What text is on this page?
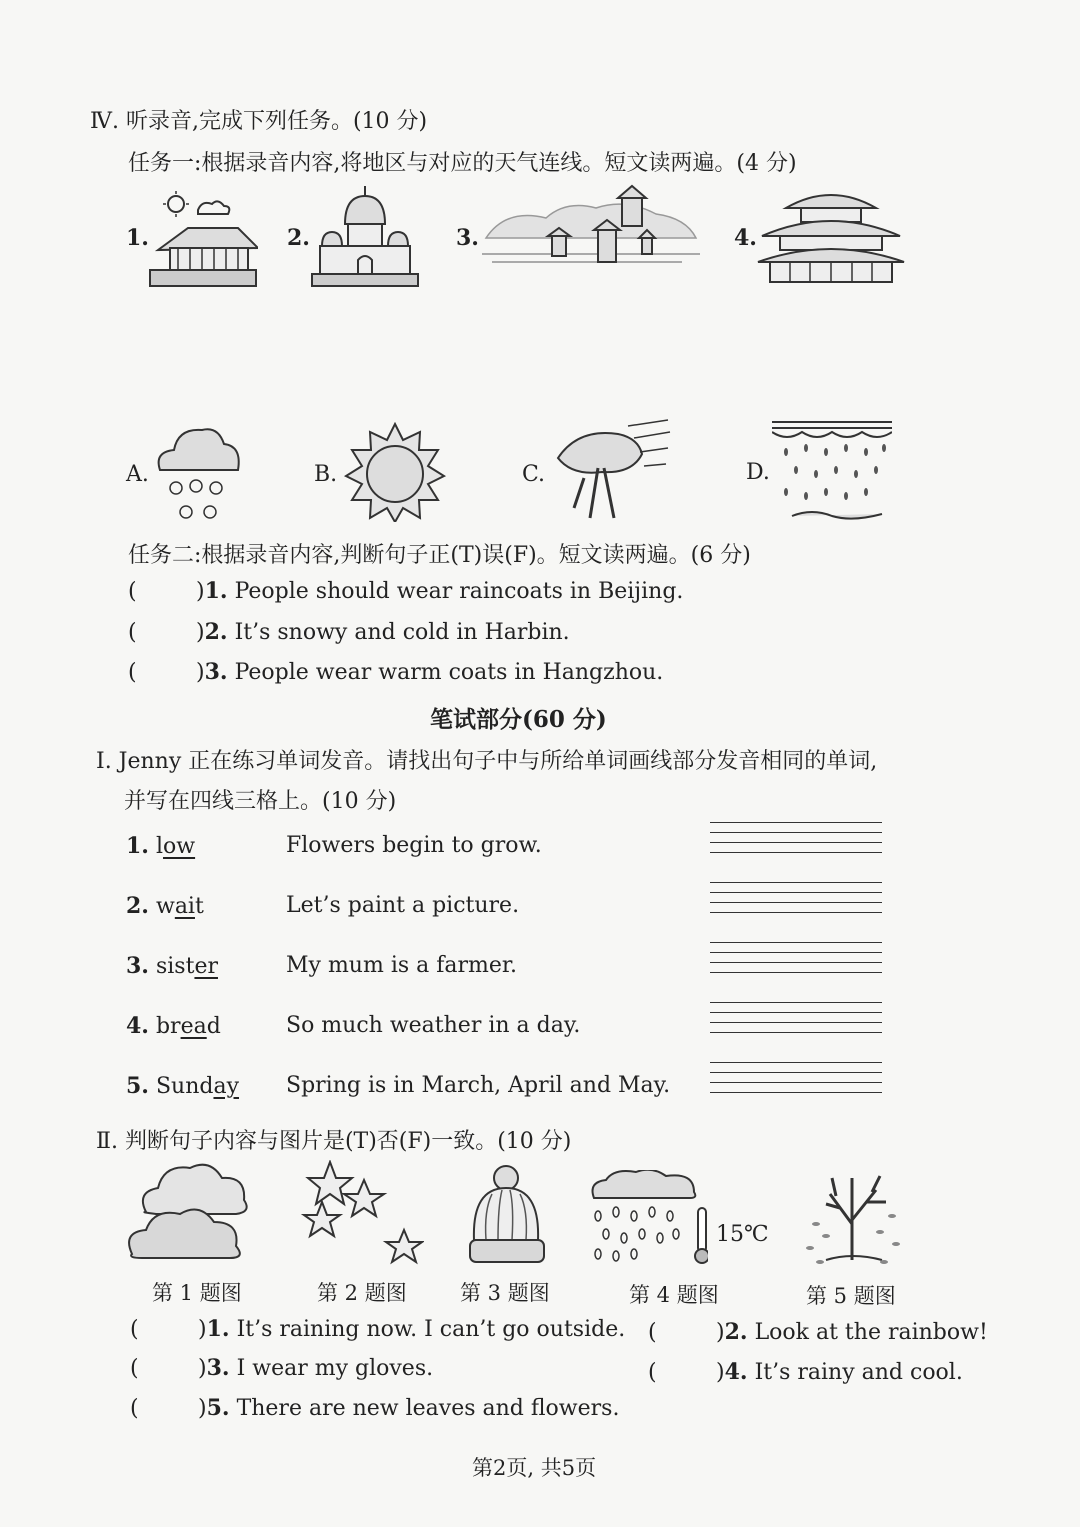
Ⅳ. 听录音,完成下列任务。(10 分)
任务一:根据录音内容,将地区与对应的天气连线。短文读两遍。(4 分)
1.	2.	3.	4.
A.	B.	C.	D.
任务二:根据录音内容,判断句子正(T)误(F)。短文读两遍。(6 分)
(	)1. People should wear raincoats in Beijing.
(	)2. It’s snowy and cold in Harbin.
(	)3. People wear warm coats in Hangzhou.
笔试部分(60 分)
Ⅰ. Jenny 正在练习单词发音。请找出句子中与所给单词画线部分发音相同的单词,
并写在四线三格上。(10 分)
1. low	Flowers begin to grow.
2. wait	Let’s paint a picture.
3. sister	My mum is a farmer.
4. bread	So much weather in a day.
5. Sunday Spring is in March, April and May.
Ⅱ. 判断句子内容与图片是(T)否(F)一致。(10 分)
15℃
第 1 题图	第 2 题图	第 3 题图	第 4 题图	第 5 题图
(	)1. It’s raining now. I can’t go outside. (	)2. Look at the rainbow!
(	)3. I wear my gloves.	(	)4. It’s rainy and cool.
(	)5. There are new leaves and flowers.
第2页, 共5页
